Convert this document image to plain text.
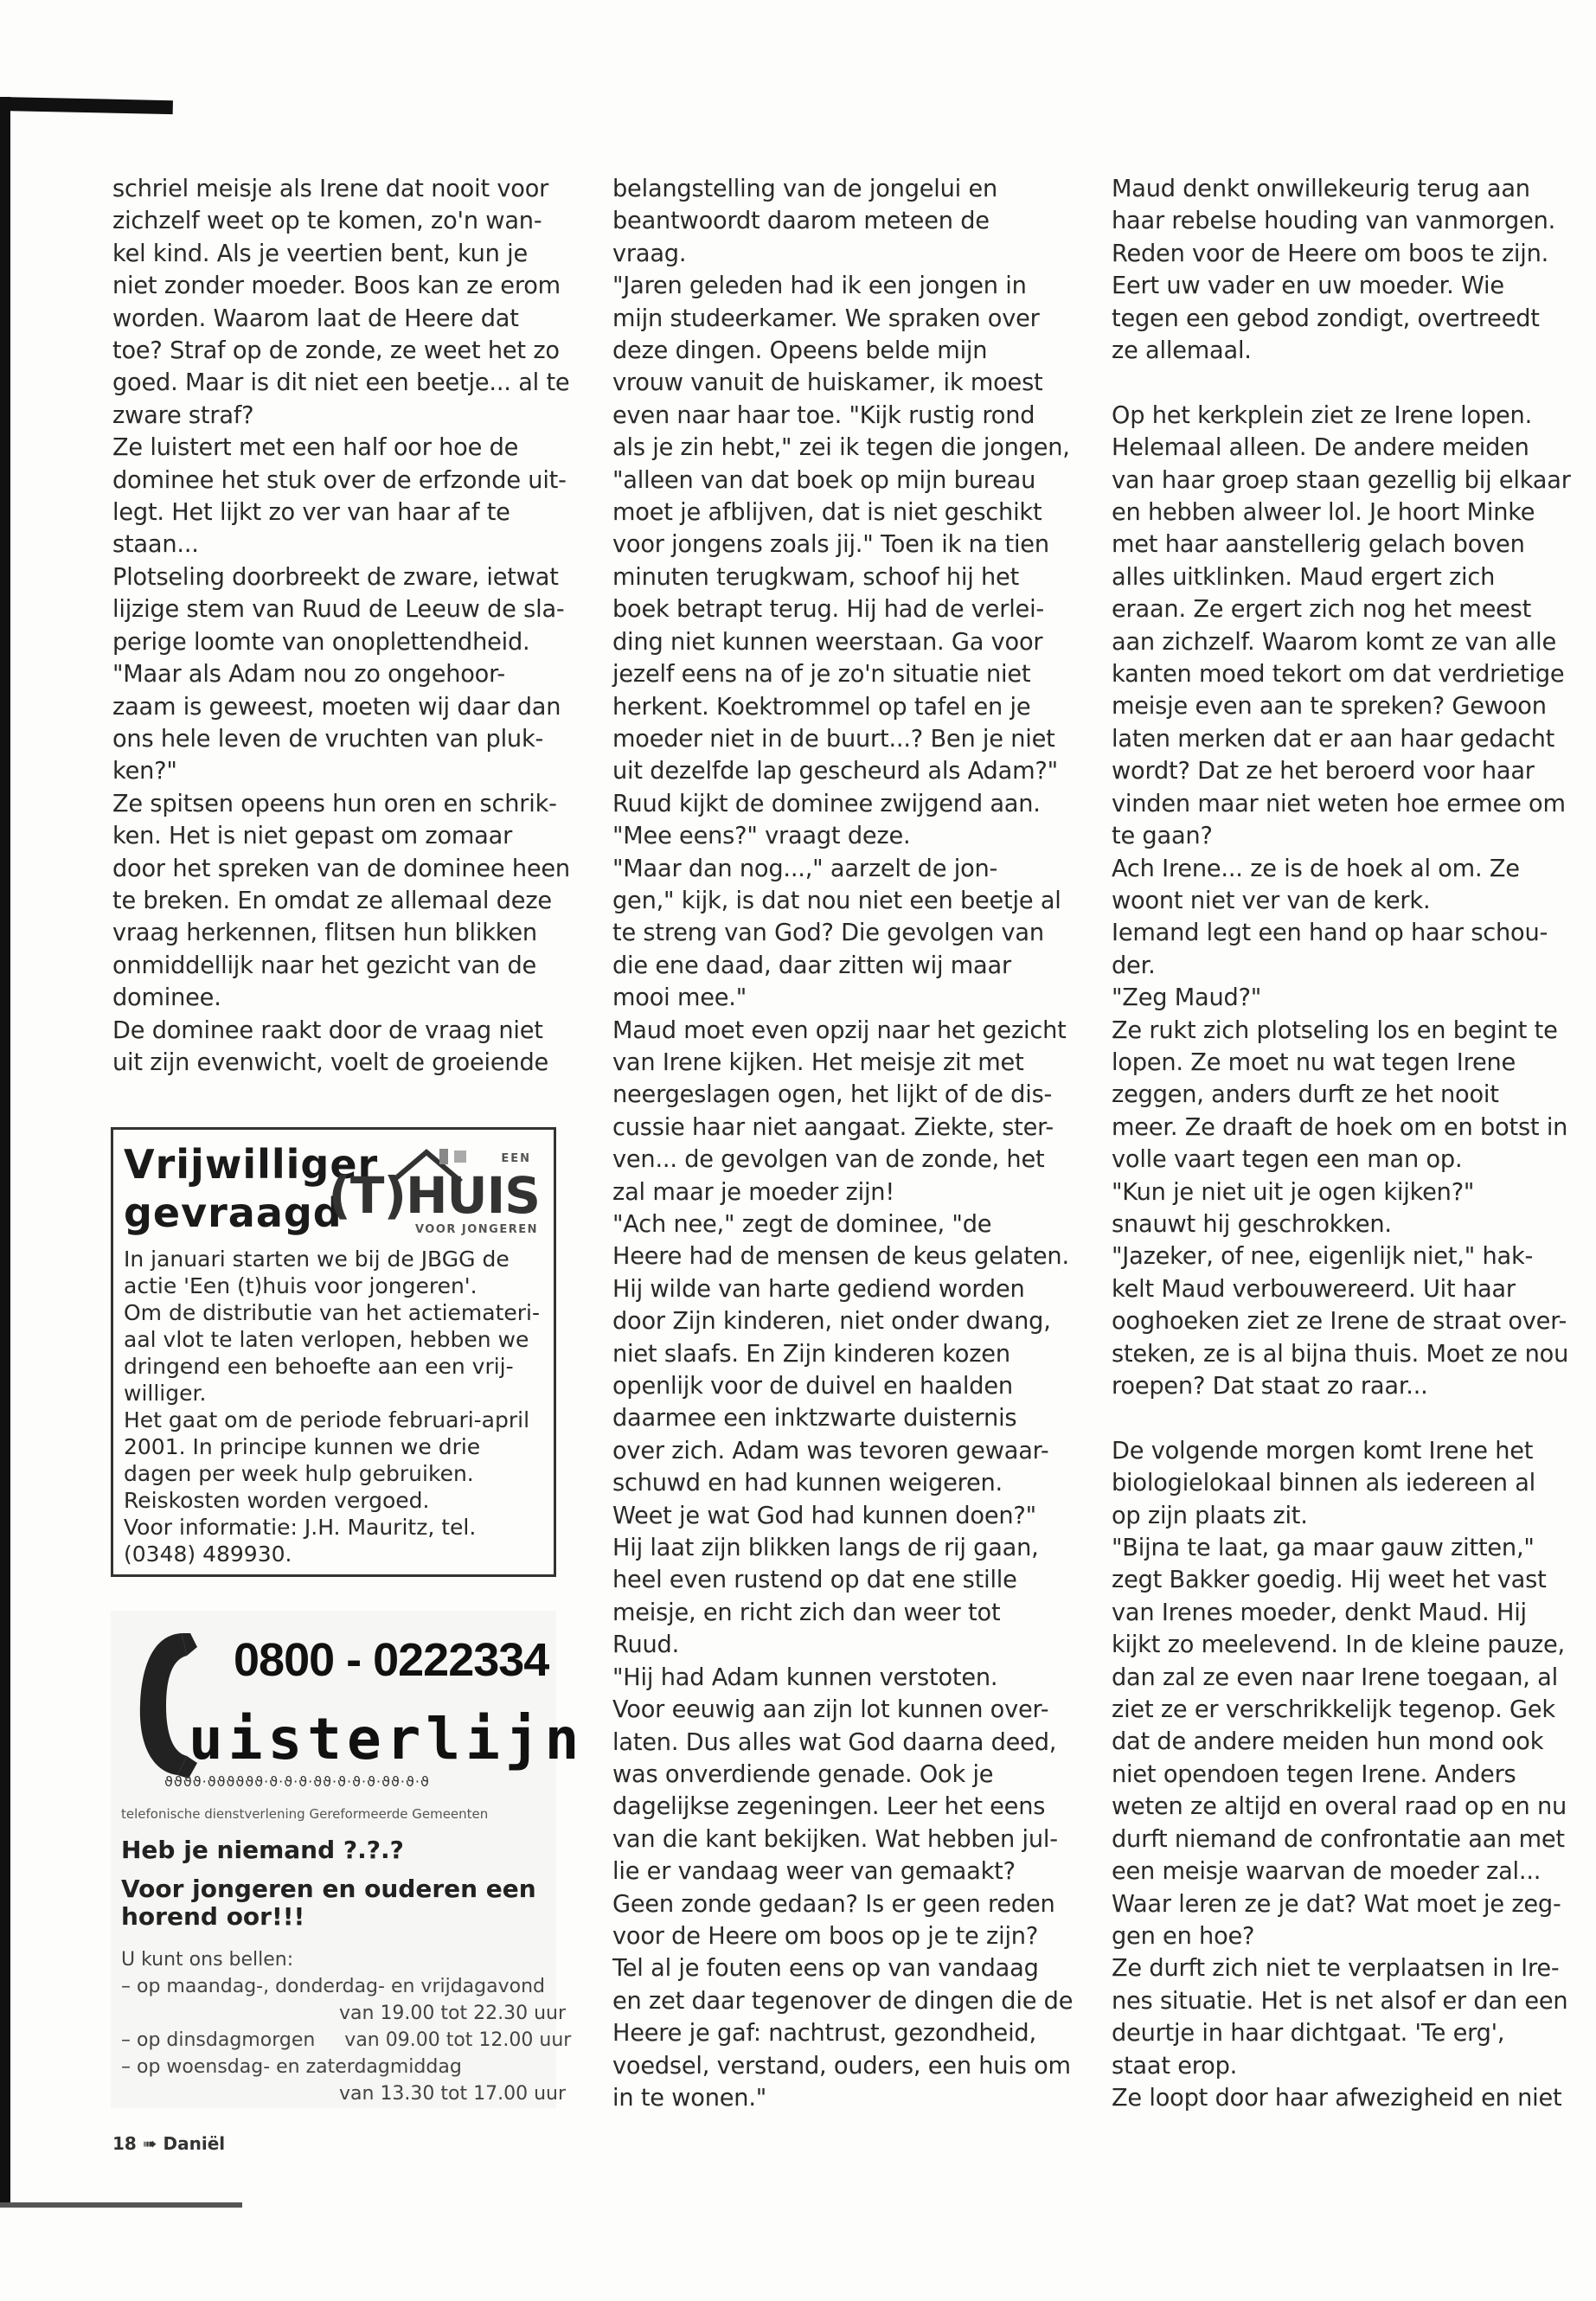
schriel meisje als Irene dat nooit voor

zichzelf weet op te komen, zo'n wan-

kel kind. Als je veertien bent, kun je

niet zonder moeder. Boos kan ze erom

worden. Waarom laat de Heere dat

toe? Straf op de zonde, ze weet het zo

goed. Maar is dit niet een beetje... al te

zware straf?

Ze luistert met een half oor hoe de

dominee het stuk over de erfzonde uit-

legt. Het lijkt zo ver van haar af te

staan...

Plotseling doorbreekt de zware, ietwat

lijzige stem van Ruud de Leeuw de sla-

perige loomte van onoplettendheid.

"Maar als Adam nou zo ongehoor-

zaam is geweest, moeten wij daar dan

ons hele leven de vruchten van pluk-

ken?"

Ze spitsen opeens hun oren en schrik-

ken. Het is niet gepast om zomaar

door het spreken van de dominee heen

te breken. En omdat ze allemaal deze

vraag herkennen, flitsen hun blikken

onmiddellijk naar het gezicht van de

dominee.

De dominee raakt door de vraag niet

uit zijn evenwicht, voelt de groeiende

belangstelling van de jongelui en

beantwoordt daarom meteen de

vraag.

"Jaren geleden had ik een jongen in

mijn studeerkamer. We spraken over

deze dingen. Opeens belde mijn

vrouw vanuit de huiskamer, ik moest

even naar haar toe. "Kijk rustig rond

als je zin hebt," zei ik tegen die jongen,

"alleen van dat boek op mijn bureau

moet je afblijven, dat is niet geschikt

voor jongens zoals jij." Toen ik na tien

minuten terugkwam, schoof hij het

boek betrapt terug. Hij had de verlei-

ding niet kunnen weerstaan. Ga voor

jezelf eens na of je zo'n situatie niet

herkent. Koektrommel op tafel en je

moeder niet in de buurt...? Ben je niet

uit dezelfde lap gescheurd als Adam?"

Ruud kijkt de dominee zwijgend aan.

"Mee eens?" vraagt deze.

"Maar dan nog...," aarzelt de jon-

gen," kijk, is dat nou niet een beetje al

te streng van God? Die gevolgen van

die ene daad, daar zitten wij maar

mooi mee."

Maud moet even opzij naar het gezicht

van Irene kijken. Het meisje zit met

neergeslagen ogen, het lijkt of de dis-

cussie haar niet aangaat. Ziekte, ster-

ven... de gevolgen van de zonde, het

zal maar je moeder zijn!

"Ach nee," zegt de dominee, "de

Heere had de mensen de keus gelaten.

Hij wilde van harte gediend worden

door Zijn kinderen, niet onder dwang,

niet slaafs. En Zijn kinderen kozen

openlijk voor de duivel en haalden

daarmee een inktzwarte duisternis

over zich. Adam was tevoren gewaar-

schuwd en had kunnen weigeren.

Weet je wat God had kunnen doen?"

Hij laat zijn blikken langs de rij gaan,

heel even rustend op dat ene stille

meisje, en richt zich dan weer tot

Ruud.

"Hij had Adam kunnen verstoten.

Voor eeuwig aan zijn lot kunnen over-

laten. Dus alles wat God daarna deed,

was onverdiende genade. Ook je

dagelijkse zegeningen. Leer het eens

van die kant bekijken. Wat hebben jul-

lie er vandaag weer van gemaakt?

Geen zonde gedaan? Is er geen reden

voor de Heere om boos op je te zijn?

Tel al je fouten eens op van vandaag

en zet daar tegenover de dingen die de

Heere je gaf: nachtrust, gezondheid,

voedsel, verstand, ouders, een huis om

in te wonen."

Maud denkt onwillekeurig terug aan

haar rebelse houding van vanmorgen.

Reden voor de Heere om boos te zijn.

Eert uw vader en uw moeder. Wie

tegen een gebod zondigt, overtreedt

ze allemaal.

Op het kerkplein ziet ze Irene lopen.

Helemaal alleen. De andere meiden

van haar groep staan gezellig bij elkaar

en hebben alweer lol. Je hoort Minke

met haar aanstellerig gelach boven

alles uitklinken. Maud ergert zich

eraan. Ze ergert zich nog het meest

aan zichzelf. Waarom komt ze van alle

kanten moed tekort om dat verdrietige

meisje even aan te spreken? Gewoon

laten merken dat er aan haar gedacht

wordt? Dat ze het beroerd voor haar

vinden maar niet weten hoe ermee om

te gaan?

Ach Irene... ze is de hoek al om. Ze

woont niet ver van de kerk.

Iemand legt een hand op haar schou-

der.

"Zeg Maud?"

Ze rukt zich plotseling los en begint te

lopen. Ze moet nu wat tegen Irene

zeggen, anders durft ze het nooit

meer. Ze draaft de hoek om en botst in

volle vaart tegen een man op.

"Kun je niet uit je ogen kijken?"

snauwt hij geschrokken.

"Jazeker, of nee, eigenlijk niet," hak-

kelt Maud verbouwereerd. Uit haar

ooghoeken ziet ze Irene de straat over-

steken, ze is al bijna thuis. Moet ze nou

roepen? Dat staat zo raar...

De volgende morgen komt Irene het

biologielokaal binnen als iedereen al

op zijn plaats zit.

"Bijna te laat, ga maar gauw zitten,"

zegt Bakker goedig. Hij weet het vast

van Irenes moeder, denkt Maud. Hij

kijkt zo meelevend. In de kleine pauze,

dan zal ze even naar Irene toegaan, al

ziet ze er verschrikkelijk tegenop. Gek

dat de andere meiden hun mond ook

niet opendoen tegen Irene. Anders

weten ze altijd en overal raad op en nu

durft niemand de confrontatie aan met

een meisje waarvan de moeder zal...

Waar leren ze je dat? Wat moet je zeg-

gen en hoe?

Ze durft zich niet te verplaatsen in Ire-

nes situatie. Het is net alsof er dan een

deurtje in haar dichtgaat. 'Te erg',

staat erop.

Ze loopt door haar afwezigheid en niet

Vrijwilliger
gevraagd
EEN
(T)HUIS
VOOR JONGEREN

In januari starten we bij de JBGG de

actie 'Een (t)huis voor jongeren'.

Om de distributie van het actiemateri-

aal vlot te laten verlopen, hebben we

dringend een behoefte aan een vrij-

williger.

Het gaat om de periode februari-april

2001. In principe kunnen we drie

dagen per week hulp gebruiken.

Reiskosten worden vergoed.

Voor informatie: J.H. Mauritz, tel.

(0348) 489930.

0800 - 0222334
uisterlijn
ϑϑϑϑ·ϑϑϑϑϑϑ·ϑ·ϑ·ϑ·ϑϑ·ϑ·ϑ·ϑ·ϑϑ·ϑ·ϑ
telefonische dienstverlening Gereformeerde Gemeenten
Heb je niemand ?.?.?
Voor jongeren en ouderen een
horend oor!!!

U kunt ons bellen:

– op maandag-, donderdag- en vrijdagavond

van 19.00 tot 22.30 uur

– op dinsdagmorgen van 09.00 tot 12.00 uur

– op woensdag- en zaterdagmiddag

van 13.30 tot 17.00 uur

18 ➠ Daniël
